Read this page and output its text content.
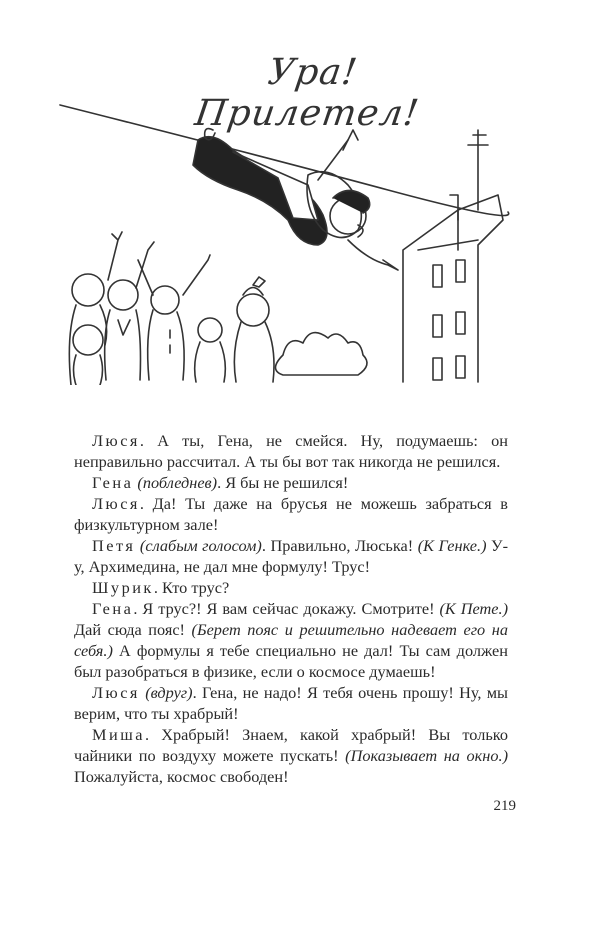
Ура! Прилетел!

Люся. А ты, Гена, не смейся. Ну, подумаешь: он неправильно рассчитал. А ты бы вот так никогда не решился.

Гена (побледнев). Я бы не решился!

Люся. Да! Ты даже на брусья не можешь забраться в физкультурном зале!

Петя (слабым голосом). Правильно, Люська! (К Генке.) У-у, Архимедина, не дал мне формулу! Трус!

Шурик. Кто трус?

Гена. Я трус?! Я вам сейчас докажу. Смотрите! (К Пете.) Дай сюда пояс! (Берет пояс и решительно надевает его на себя.) А формулы я тебе специально не дал! Ты сам должен был разобраться в физике, если о космосе думаешь!

Люся (вдруг). Гена, не надо! Я тебя очень прошу! Ну, мы верим, что ты храбрый!

Миша. Храбрый! Знаем, какой храбрый! Вы только чайники по воздуху можете пускать! (Показывает на окно.) Пожалуйста, космос свободен!

219
